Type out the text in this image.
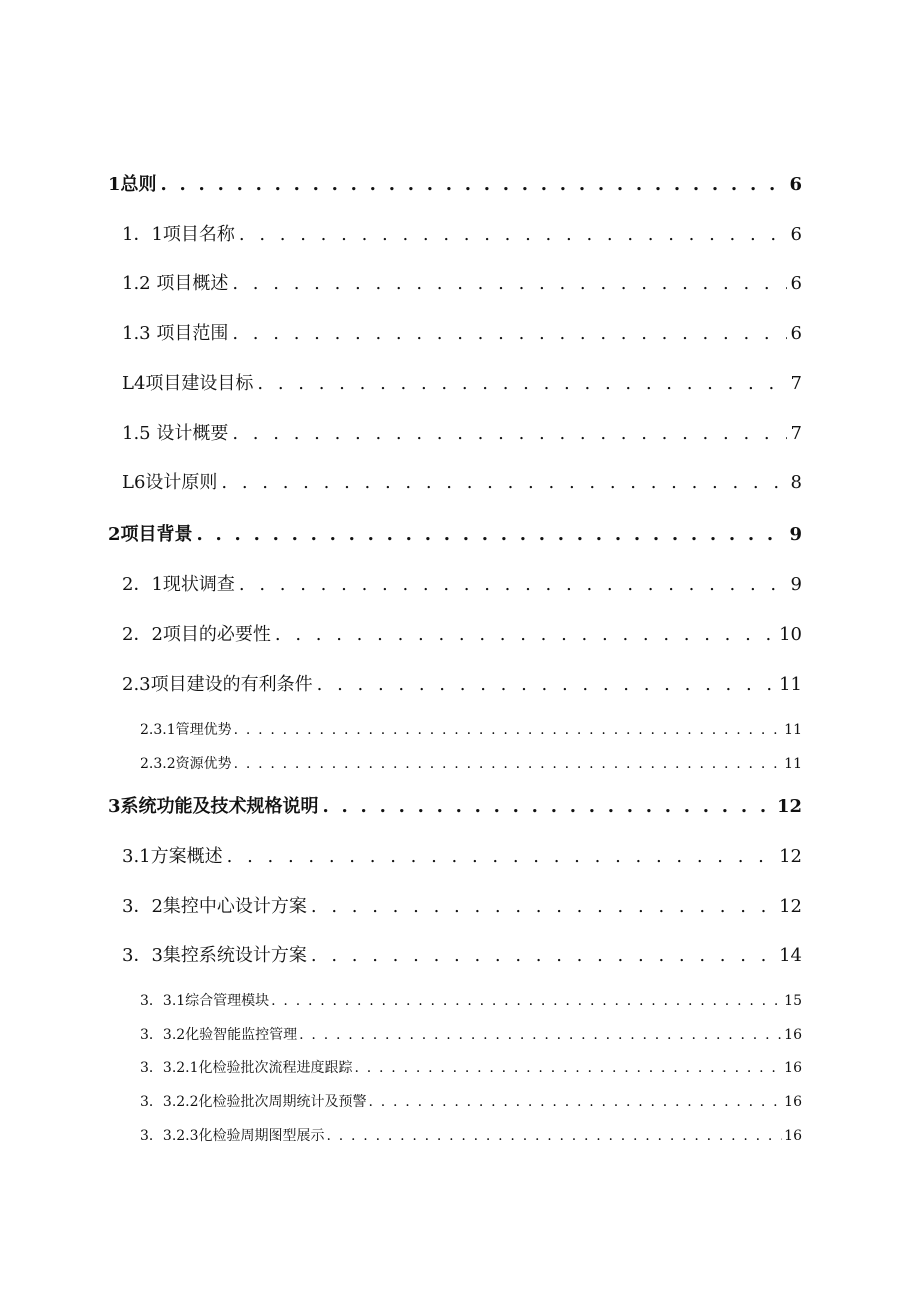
1总则 . . .	6
1．1项目名称 . . .	6
1.2 项目概述 . . .	6
1.3 项目范围 . . .	6
L4项目建设目标 . . .	7
1.5 设计概要 . . .	7
L6设计原则 . . .	8
2项目背景 . . .	9
2．1现状调查 . . .	9
2．2项目的必要性 . . .	10
2.3项目建设的有利条件 . . .	11
2.3.1管理优势 . . .	11
2.3.2资源优势 . . .	11
3系统功能及技术规格说明 . . .	12
3.1方案概述 . . .	12
3．2集控中心设计方案 . . .	12
3．3集控系统设计方案 . . .	14
3．3.1综合管理模块 . . .	15
3．3.2化验智能监控管理 . . .	16
3．3.2.1化检验批次流程进度跟踪 . . .	16
3．3.2.2化检验批次周期统计及预警 . . .	16
3．3.2.3化检验周期图型展示 . . .	16
